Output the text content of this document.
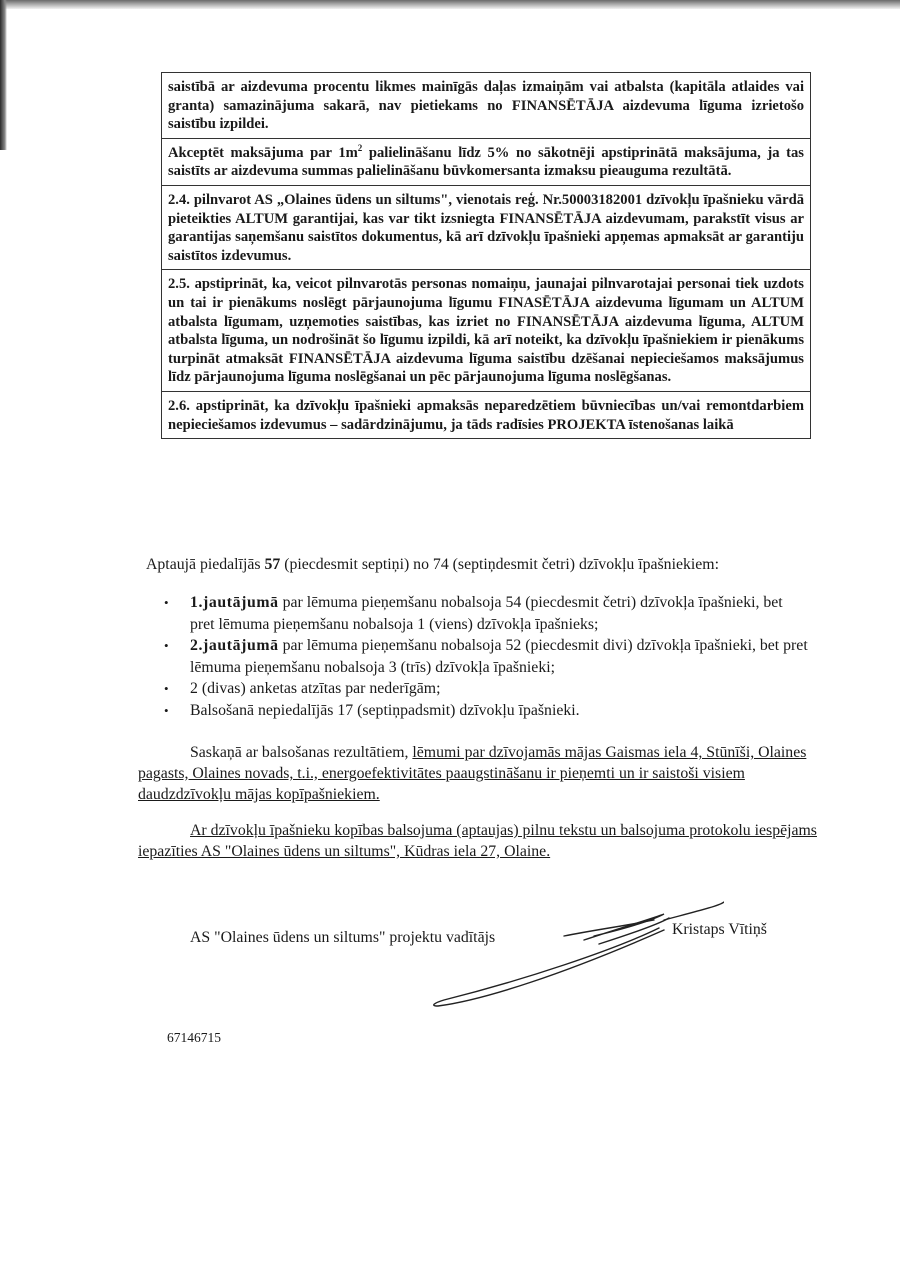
saistībā ar aizdevuma procentu likmes mainīgās daļas izmaiņām vai atbalsta (kapitāla atlaides vai granta) samazinājuma sakarā, nav pietiekams no FINANSĒTĀJA aizdevuma līguma izrietošo saistību izpildei.

Akceptēt maksājuma par $1m^2$ palielināšanu līdz 5% no sākotnēji apstiprinātā maksājuma, ja tas saistīts ar aizdevuma summas palielināšanu būvkomersanta izmaksu pieauguma rezultātā.

2.4. pilnvarot AS „Olaines ūdens un siltums", vienotais reģ. Nr.50003182001 dzīvokļu īpašnieku vārdā pieteikties ALTUM garantijai, kas var tikt izsniegta FINANSĒTĀJA aizdevumam, parakstīt visus ar garantijas saņemšanu saistītos dokumentus, kā arī dzīvokļu īpašnieki apņemas apmaksāt ar garantiju saistītos izdevumus.

2.5. apstiprināt, ka, veicot pilnvarotās personas nomaiņu, jaunajai pilnvarotajai personai tiek uzdots un tai ir pienākums noslēgt pārjaunojuma līgumu FINASĒTĀJA aizdevuma līgumam un ALTUM atbalsta līgumam, uzņemoties saistības, kas izriet no FINANSĒTĀJA aizdevuma līguma, ALTUM atbalsta līguma, un nodrošināt šo līgumu izpildi, kā arī noteikt, ka dzīvokļu īpašniekiem ir pienākums turpināt atmaksāt FINANSĒTĀJA aizdevuma līguma saistību dzēšanai nepieciešamos maksājumus līdz pārjaunojuma līguma noslēgšanai un pēc pārjaunojuma līguma noslēgšanas.

2.6. apstiprināt, ka dzīvokļu īpašnieki apmaksās neparedzētiem būvniecības un/vai remontdarbiem nepieciešamos izdevumus – sadārdzinājumu, ja tāds radīsies PROJEKTA īstenošanas laikā

Aptaujā piedalījās 57 (piecdesmit septiņi) no 74 (septiņdesmit četri) dzīvokļu īpašniekiem:

• 1.jautājumā par lēmuma pieņemšanu nobalsoja 54 (piecdesmit četri) dzīvokļa īpašnieki, bet pret lēmuma pieņemšanu nobalsoja 1 (viens) dzīvokļa īpašnieks;
• 2.jautājumā par lēmuma pieņemšanu nobalsoja 52 (piecdesmit divi) dzīvokļa īpašnieki, bet pret lēmuma pieņemšanu nobalsoja 3 (trīs) dzīvokļa īpašnieki;
• 2 (divas) anketas atzītas par nederīgām;
• Balsošanā nepiedalījās 17 (septiņpadsmit) dzīvokļu īpašnieki.

Saskaņā ar balsošanas rezultātiem, lēmumi par dzīvojamās mājas Gaismas iela 4, Stūnīši, Olaines pagasts, Olaines novads, t.i., energoefektivitātes paaugstināšanu ir pieņemti un ir saistoši visiem daudzdzīvokļu mājas kopīpašniekiem.

Ar dzīvokļu īpašnieku kopības balsojuma (aptaujas) pilnu tekstu un balsojuma protokolu iespējams iepazīties AS "Olaines ūdens un siltums", Kūdras iela 27, Olaine.

AS "Olaines ūdens un siltums" projektu vadītājs	Kristaps Vītiņš

67146715
